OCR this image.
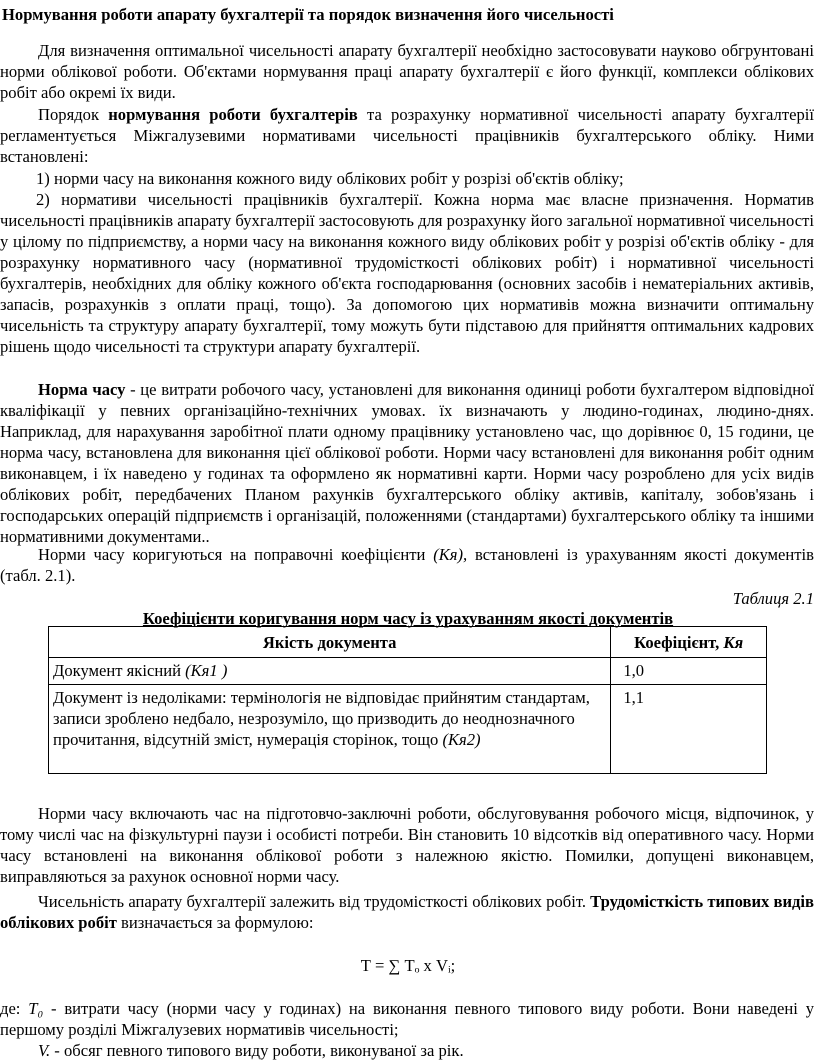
Нормування роботи апарату бухгалтерії та порядок визначення його чисельності

Для визначення оптимальної чисельності апарату бухгалтерії необхідно застосовувати науково обгрунтовані норми облікової роботи. Об'єктами нормування праці апарату бухгалтерії є його функції, комплекси облікових робіт або окремі їх види.

Порядок нормування роботи бухгалтерів та розрахунку нормативної чисельності апарату бухгалтерії регламентується Міжгалузевими нормативами чисельності працівників бухгалтерського обліку. Ними встановлені:

1) норми часу на виконання кожного виду облікових робіт у розрізі об'єктів обліку;

2) нормативи чисельності працівників бухгалтерії. Кожна норма має власне призначення. Норматив чисельності працівників апарату бухгалтерії застосовують для розрахунку його загальної нормативної чисельності у цілому по підприємству, а норми часу на виконання кожного виду облікових робіт у розрізі об'єктів обліку - для розрахунку нормативного часу (нормативної трудомісткості облікових робіт) і нормативної чисельності бухгалтерів, необхідних для обліку кожного об'єкта господарювання (основних засобів і нематеріальних активів, запасів, розрахунків з оплати праці, тощо). За допомогою цих нормативів можна визначити оптимальну чисельність та структуру апарату бухгалтерії, тому можуть бути підставою для прийняття оптимальних кадрових рішень щодо чисельності та структури апарату бухгалтерії.

Норма часу - це витрати робочого часу, установлені для виконання одиниці роботи бухгалтером відповідної кваліфікації у певних організаційно-технічних умовах. їх визначають у людино-годинах, людино-днях. Наприклад, для нарахування заробітної плати одному працівнику установлено час, що дорівнює 0, 15 години, це норма часу, встановлена для виконання цієї облікової роботи. Норми часу встановлені для виконання робіт одним виконавцем, і їх наведено у годинах та оформлено як нормативні карти. Норми часу розроблено для усіх видів облікових робіт, передбачених Планом рахунків бухгалтерського обліку активів, капіталу, зобов'язань і господарських операцій підприємств і організацій, положеннями (стандартами) бухгалтерського обліку та іншими нормативними документами..

Норми часу коригуються на поправочні коефіцієнти (Кя), встановлені із урахуванням якості документів (табл. 2.1).

Таблиця 2.1
Коефіцієнти коригування норм часу із урахуванням якості документів
Якість документа	Коефіцієнт, Кя
Документ якісний (Кя1 )	1,0
Документ із недоліками: термінологія не відповідає прийнятим стандартам, записи зроблено недбало, незрозуміло, що призводить до неоднозначного прочитання, відсутній зміст, нумерація сторінок, тощо (Кя2)	1,1

Норми часу включають час на підготовчо-заключні роботи, обслуговування робочого місця, відпочинок, у тому числі час на фізкультурні паузи і особисті потреби. Він становить 10 відсотків від оперативного часу. Норми часу встановлені на виконання облікової роботи з належною якістю. Помилки, допущені виконавцем, виправляються за рахунок основної норми часу.

Чисельність апарату бухгалтерії залежить від трудомісткості облікових робіт. Трудомісткість типових видів облікових робіт визначається за формулою:

Т = ∑ Тₒ х Vᵢ;

де: Т₀ - витрати часу (норми часу у годинах) на виконання певного типового виду роботи. Вони наведені у першому розділі Міжгалузевих нормативів чисельності;

V. - обсяг певного типового виду роботи, виконуваної за рік.
